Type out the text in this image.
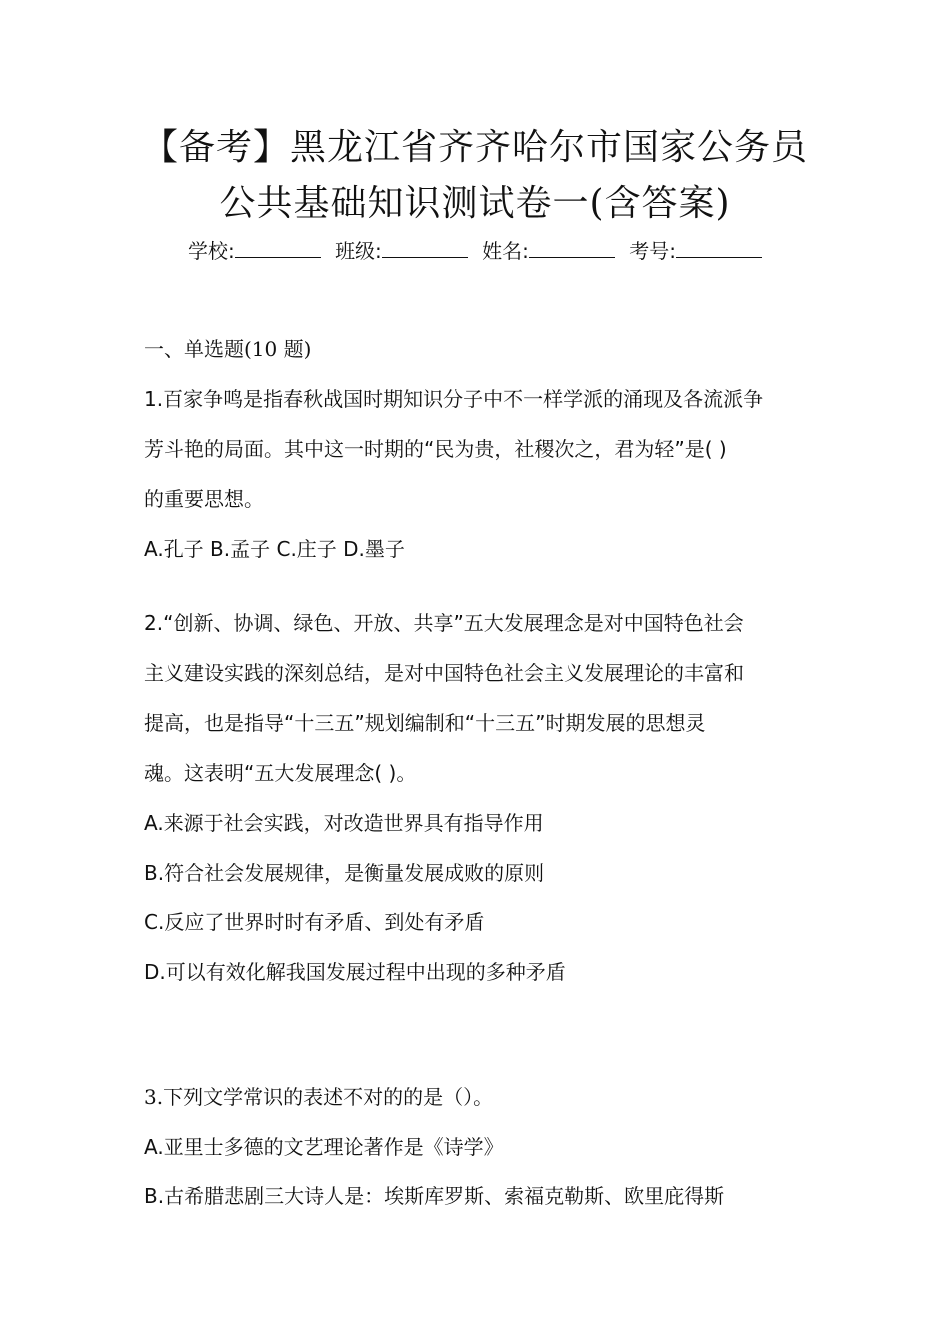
【备考】黑龙江省齐齐哈尔市国家公务员
公共基础知识测试卷一(含答案)
学校:	班级:	姓名:	考号:
一、单选题(10 题)
1.百家争鸣是指春秋战国时期知识分子中不一样学派的涌现及各流派争
芳斗艳的局面。其中这一时期的“民为贵，社稷次之，君为轻”是( )
的重要思想。
A.孔子 B.孟子 C.庄子 D.墨子
2.“创新、协调、绿色、开放、共享”五大发展理念是对中国特色社会
主义建设实践的深刻总结，是对中国特色社会主义发展理论的丰富和
提高，也是指导“十三五”规划编制和“十三五”时期发展的思想灵
魂。这表明“五大发展理念( )。
A.来源于社会实践，对改造世界具有指导作用
B.符合社会发展规律，是衡量发展成败的原则
C.反应了世界时时有矛盾、到处有矛盾
D.可以有效化解我国发展过程中出现的多种矛盾
3.下列文学常识的表述不对的的是（）。
A.亚里士多德的文艺理论著作是《诗学》
B.古希腊悲剧三大诗人是：埃斯库罗斯、索福克勒斯、欧里庇得斯
